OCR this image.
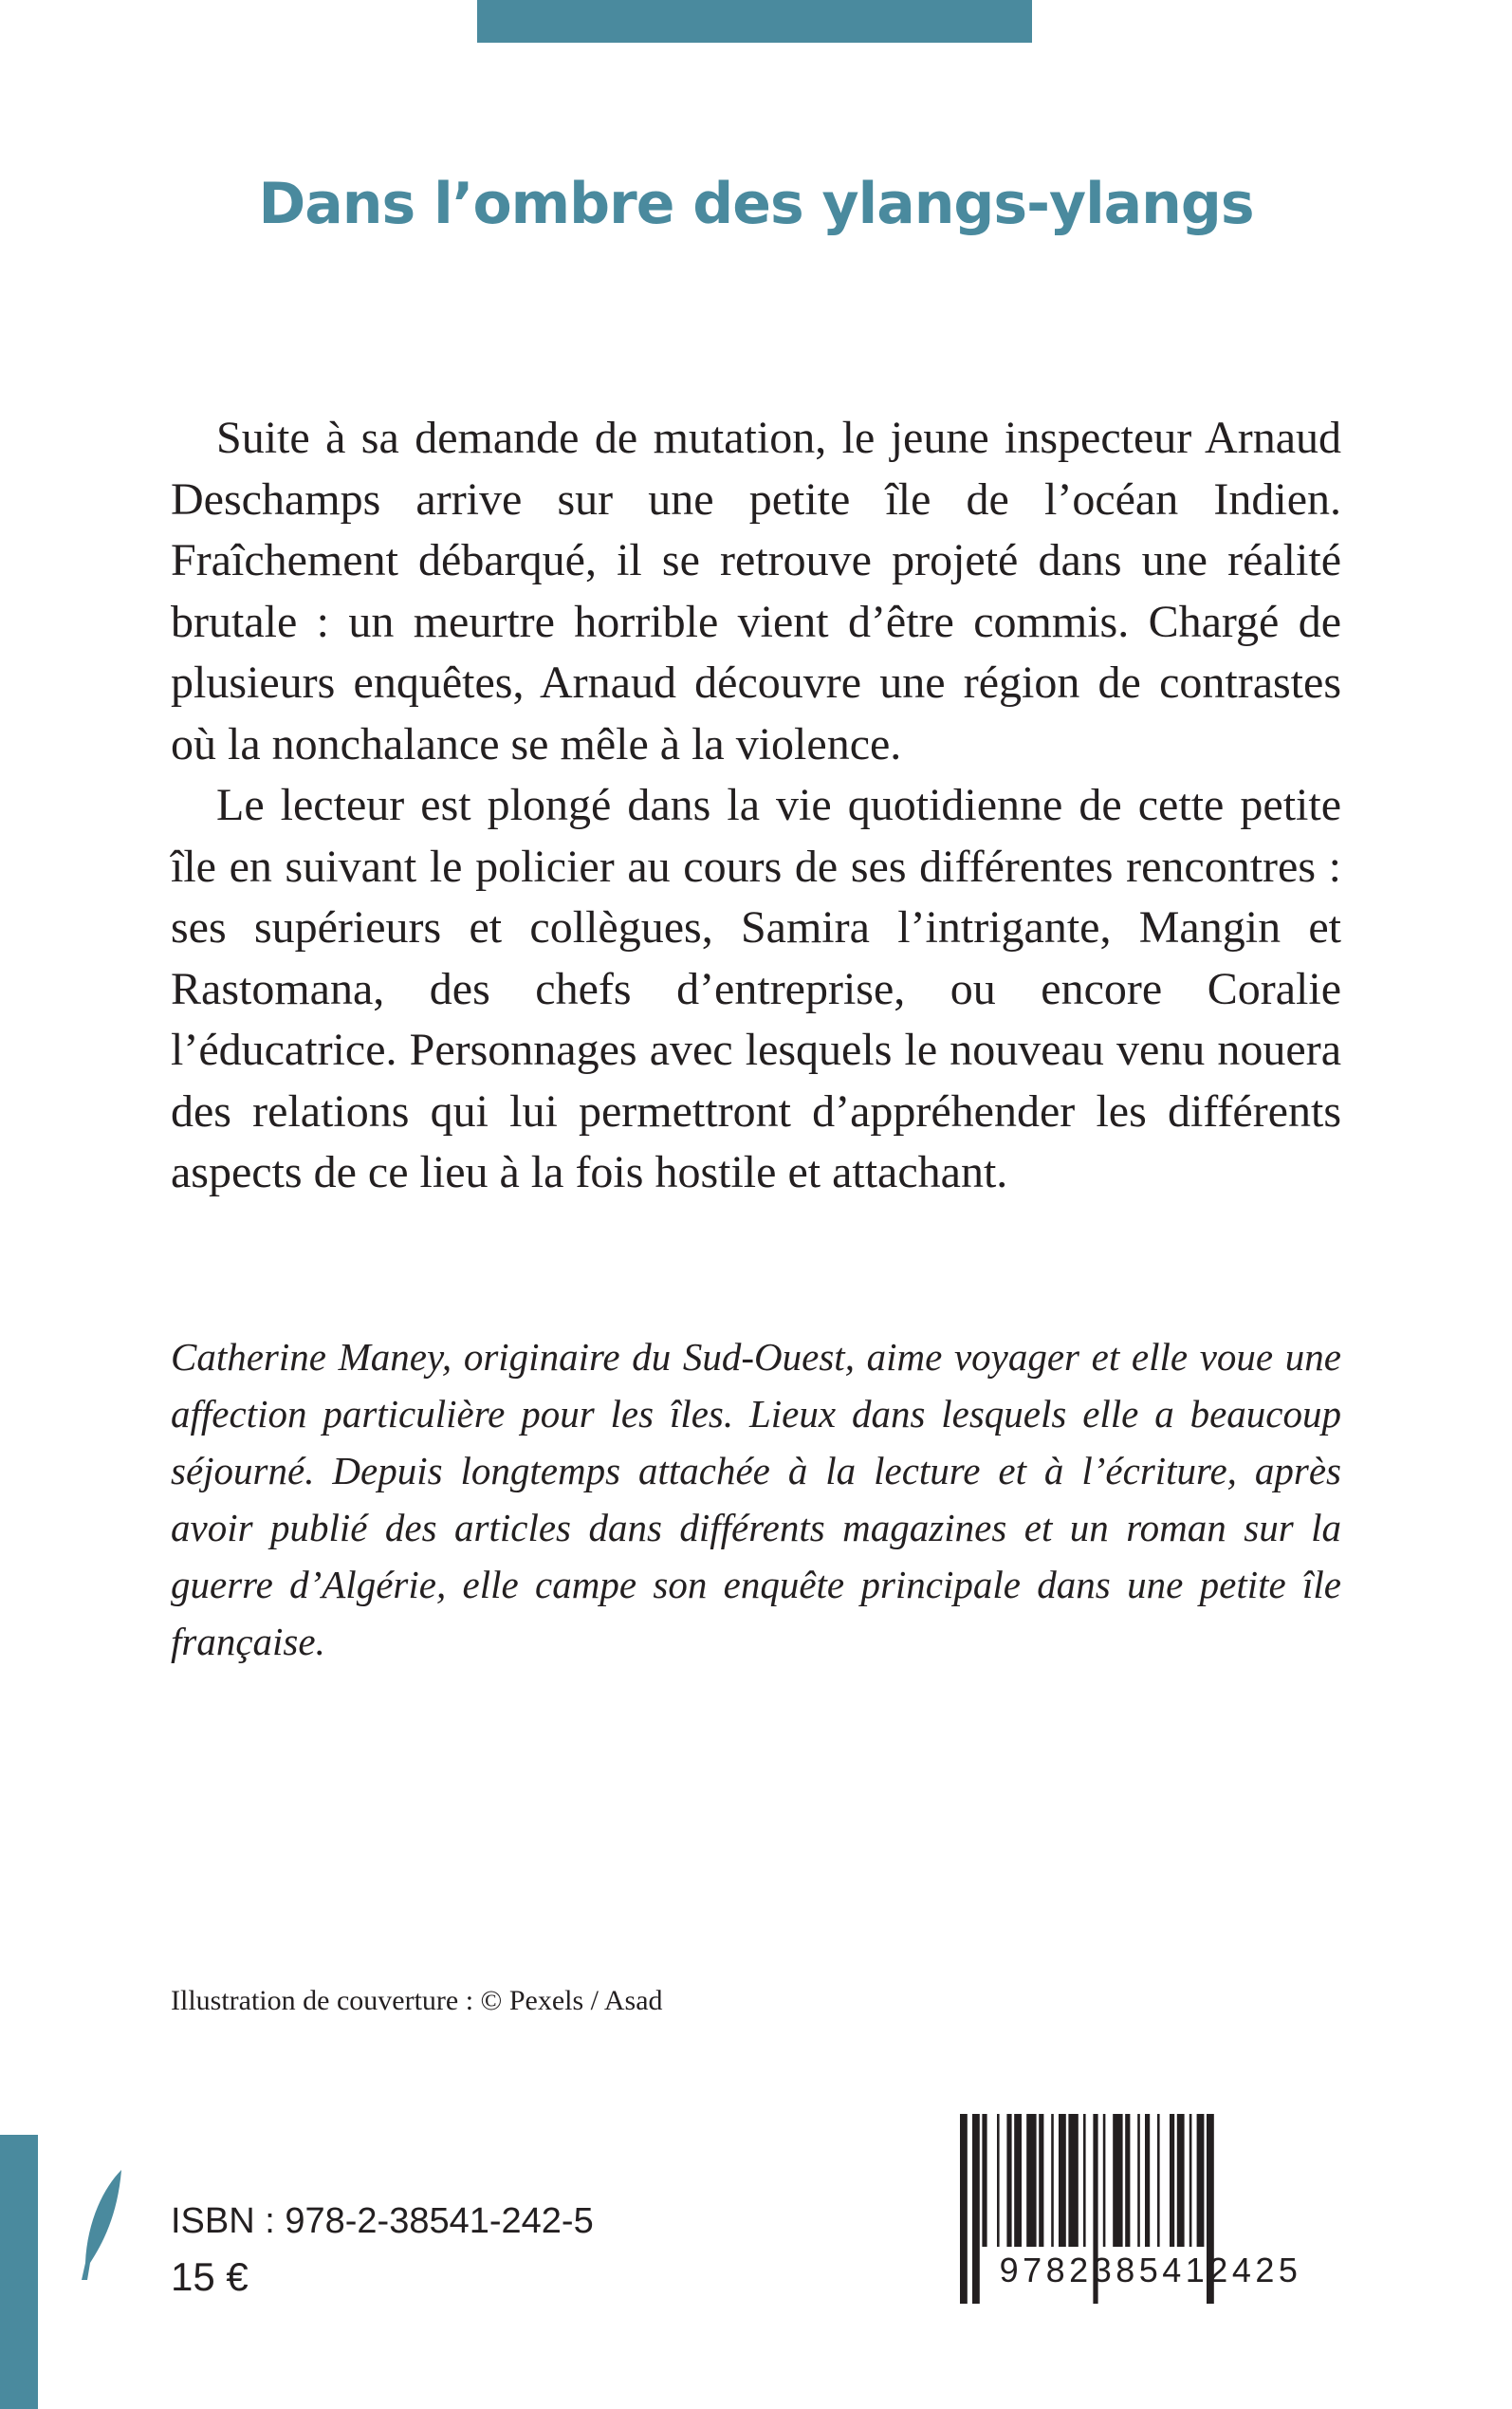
Dans l’ombre des ylangs-ylangs

Suite à sa demande de mutation, le jeune inspecteur Arnaud Deschamps arrive sur une petite île de l’océan Indien. Fraîchement débarqué, il se retrouve projeté dans une réalité brutale : un meurtre horrible vient d’être commis. Chargé de plusieurs enquêtes, Arnaud découvre une région de contrastes où la nonchalance se mêle à la violence.

Le lecteur est plongé dans la vie quotidienne de cette petite île en suivant le policier au cours de ses différentes rencontres : ses supérieurs et collègues, Samira l’intrigante, Mangin et Rastomana, des chefs d’entreprise, ou encore Coralie l’éducatrice. Personnages avec lesquels le nouveau venu nouera des relations qui lui permettront d’appréhender les différents aspects de ce lieu à la fois hostile et attachant.

Catherine Maney, originaire du Sud-Ouest, aime voyager et elle voue une affection particulière pour les îles. Lieux dans lesquels elle a beaucoup séjourné. Depuis longtemps attachée à la lecture et à l’écriture, après avoir publié des articles dans différents magazines et un roman sur la guerre d’Algérie, elle campe son enquête principale dans une petite île française.

Illustration de couverture : © Pexels / Asad
ISBN : 978-2-38541-242-5
15 €	9782385412425
